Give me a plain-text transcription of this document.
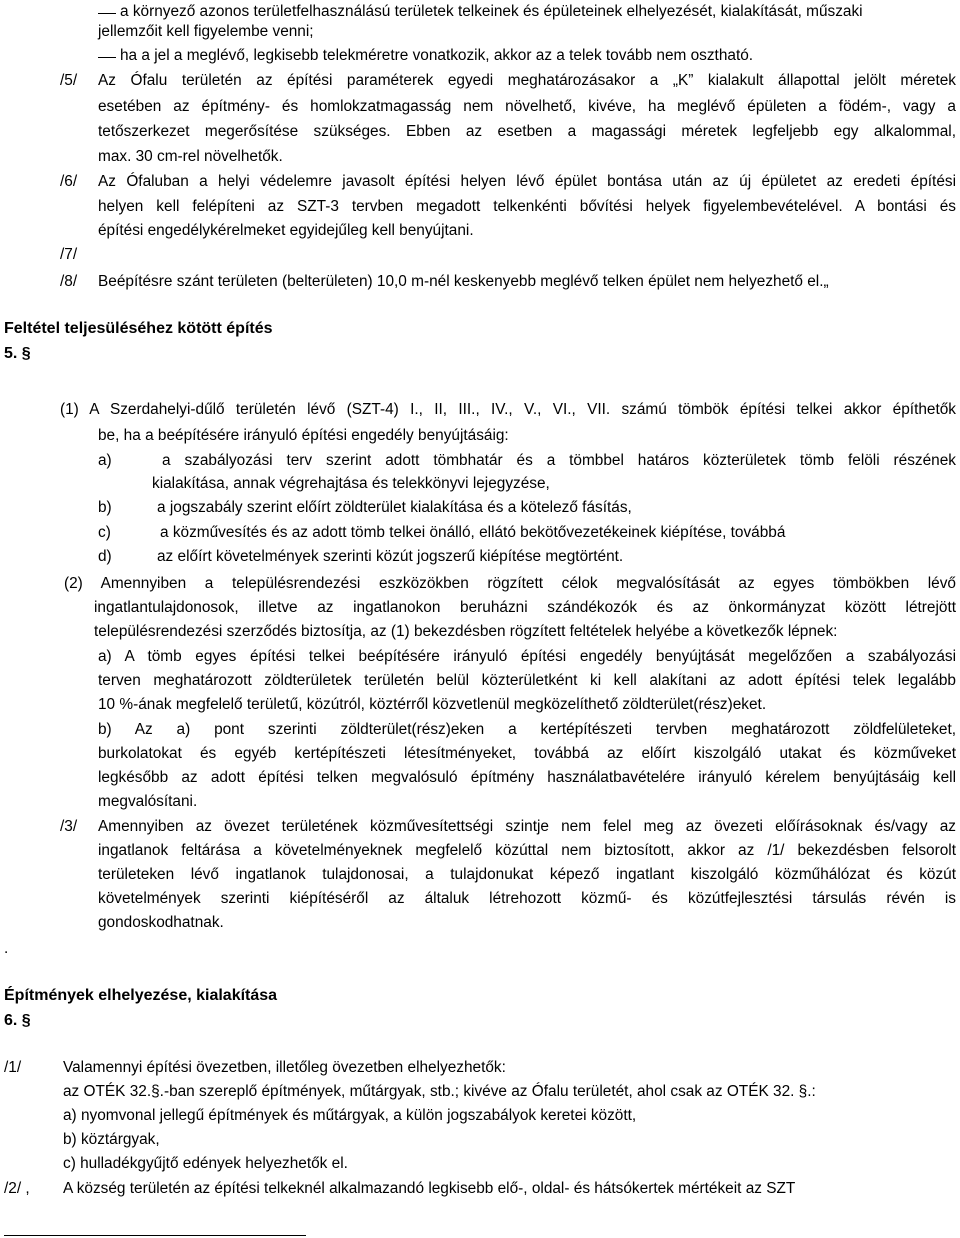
a környező azonos területfelhasználású területek telkeinek és épületeinek elhelyezését, kialakítását, műszaki
jellemzőit kell figyelembe venni;
ha a jel a meglévő, legkisebb telekméretre vonatkozik, akkor az a telek tovább nem osztható.
/5/ Az Ófalu területén az építési paraméterek egyedi meghatározásakor a „K” kialakult állapottal jelölt méretek
esetében az építmény- és homlokzatmagasság nem növelhető, kivéve, ha meglévő épületen a födém-, vagy a
tetőszerkezet megerősítése szükséges. Ebben az esetben a magassági méretek legfeljebb egy alkalommal,
max. 30 cm-rel növelhetők.
/6/ Az Ófaluban a helyi védelemre javasolt építési helyen lévő épület bontása után az új épületet az eredeti építési
helyen kell felépíteni az SZT-3 tervben megadott telkenkénti bővítési helyek figyelembevételével. A bontási és
építési engedélykérelmeket egyidejűleg kell benyújtani.
/7/
/8/ Beépítésre szánt területen (belterületen) 10,0 m-nél keskenyebb meglévő telken épület nem helyezhető el.„
Feltétel teljesüléséhez kötött építés
5. §
(1) A Szerdahelyi-dűlő területén lévő (SZT-4) I., II, III., IV., V., VI., VII. számú tömbök építési telkei akkor építhetők
be, ha a beépítésére irányuló építési engedély benyújtásáig:
a)	a szabályozási terv szerint adott tömbhatár és a tömbbel határos közterületek tömb felöli részének
kialakítása, annak végrehajtása és telekkönyvi lejegyzése,
b)	a jogszabály szerint előírt zöldterület kialakítása és a kötelező fásítás,
c)	a közművesítés és az adott tömb telkei önálló, ellátó bekötővezetékeinek kiépítése, továbbá
d)	az előírt követelmények szerinti közút jogszerű kiépítése megtörtént.
(2) Amennyiben a településrendezési eszközökben rögzített célok megvalósítását az egyes tömbökben lévő
ingatlantulajdonosok, illetve az ingatlanokon beruházni szándékozók és az önkormányzat között létrejött
településrendezési szerződés biztosítja, az (1) bekezdésben rögzített feltételek helyébe a következők lépnek:
a) A tömb egyes építési telkei beépítésére irányuló építési engedély benyújtását megelőzően a szabályozási
terven meghatározott zöldterületek területén belül közterületként ki kell alakítani az adott építési telek legalább
10 %-ának megfelelő területű, közútról, köztérről közvetlenül megközelíthető zöldterület(rész)eket.
b) Az a) pont szerinti zöldterület(rész)eken a kertépítészeti tervben meghatározott zöldfelületeket,
burkolatokat és egyéb kertépítészeti létesítményeket, továbbá az előírt kiszolgáló utakat és közműveket
legkésőbb az adott építési telken megvalósuló építmény használatbavételére irányuló kérelem benyújtásáig kell
megvalósítani.
/3/ Amennyiben az övezet területének közművesítettségi szintje nem felel meg az övezeti előírásoknak és/vagy az
ingatlanok feltárása a követelményeknek megfelelő közúttal nem biztosított, akkor az /1/ bekezdésben felsorolt
területeken lévő ingatlanok tulajdonosai, a tulajdonukat képező ingatlant kiszolgáló közműhálózat és közút
követelmények szerinti kiépítéséről az általuk létrehozott közmű- és közútfejlesztési társulás révén is
gondoskodhatnak.
.
Építmények elhelyezése, kialakítása
6. §
/1/	Valamennyi építési övezetben, illetőleg övezetben elhelyezhetők:
az OTÉK 32.§.-ban szereplő építmények, műtárgyak, stb.; kivéve az Ófalu területét, ahol csak az OTÉK 32. §.:
a) nyomvonal jellegű építmények és műtárgyak, a külön jogszabályok keretei között,
b) köztárgyak,
c) hulladékgyűjtő edények helyezhetők el.
/2/ , A község területén az építési telkeknél alkalmazandó legkisebb elő-, oldal- és hátsókertek mértékeit az SZT
